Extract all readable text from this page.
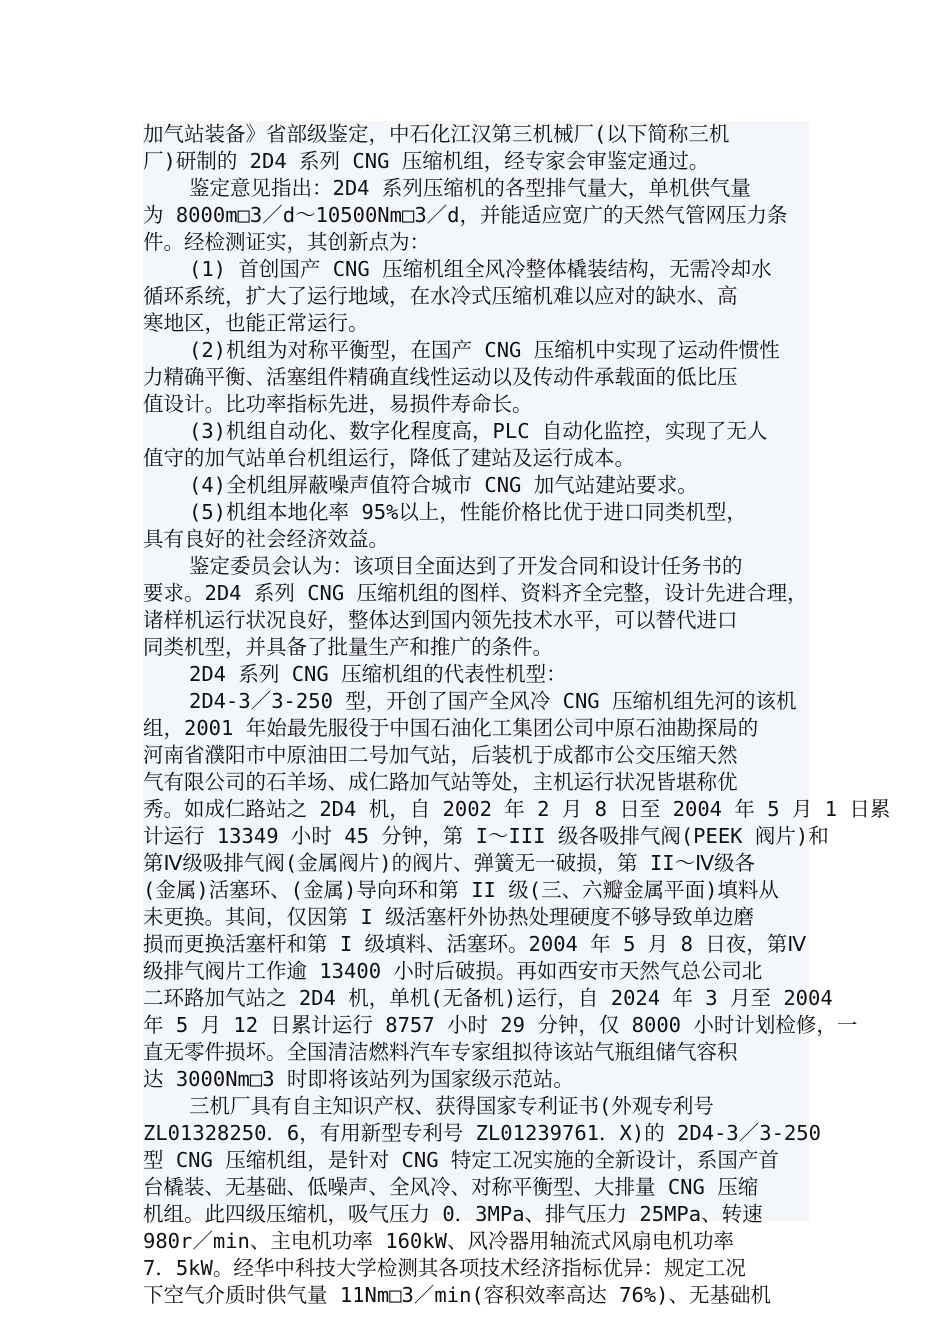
加气站装备》省部级鉴定，中石化江汉第三机械厂(以下简称三机
厂)研制的 2D4 系列 CNG 压缩机组，经专家会审鉴定通过。
鉴定意见指出：2D4 系列压缩机的各型排气量大，单机供气量
为 8000m□3／d～10500Nm□3／d，并能适应宽广的天然气管网压力条
件。经检测证实，其创新点为：
(1) 首创国产 CNG 压缩机组全风冷整体橇装结构，无需冷却水
循环系统，扩大了运行地域，在水冷式压缩机难以应对的缺水、高
寒地区，也能正常运行。
(2)机组为对称平衡型，在国产 CNG 压缩机中实现了运动件惯性
力精确平衡、活塞组件精确直线性运动以及传动件承载面的低比压
值设计。比功率指标先进，易损件寿命长。
(3)机组自动化、数字化程度高，PLC 自动化监控，实现了无人
值守的加气站单台机组运行，降低了建站及运行成本。
(4)全机组屏蔽噪声值符合城市 CNG 加气站建站要求。
(5)机组本地化率 95%以上，性能价格比优于进口同类机型，
具有良好的社会经济效益。
鉴定委员会认为：该项目全面达到了开发合同和设计任务书的
要求。2D4 系列 CNG 压缩机组的图样、资料齐全完整，设计先进合理，
诸样机运行状况良好，整体达到国内领先技术水平，可以替代进口
同类机型，并具备了批量生产和推广的条件。
2D4 系列 CNG 压缩机组的代表性机型：
2D4-3／3-250 型，开创了国产全风冷 CNG 压缩机组先河的该机
组，2001 年始最先服役于中国石油化工集团公司中原石油勘探局的
河南省濮阳市中原油田二号加气站，后装机于成都市公交压缩天然
气有限公司的石羊场、成仁路加气站等处，主机运行状况皆堪称优
秀。如成仁路站之 2D4 机，自 2002 年 2 月 8 日至 2004 年 5 月 1 日累
计运行 13349 小时 45 分钟，第 I～III 级各吸排气阀(PEEK 阀片)和
第Ⅳ级吸排气阀(金属阀片)的阀片、弹簧无一破损，第 II～Ⅳ级各
(金属)活塞环、(金属)导向环和第 II 级(三、六瓣金属平面)填料从
未更换。其间，仅因第 I 级活塞杆外协热处理硬度不够导致单边磨
损而更换活塞杆和第 I 级填料、活塞环。2004 年 5 月 8 日夜，第Ⅳ
级排气阀片工作逾 13400 小时后破损。再如西安市天然气总公司北
二环路加气站之 2D4 机，单机(无备机)运行，自 2024 年 3 月至 2004
年 5 月 12 日累计运行 8757 小时 29 分钟，仅 8000 小时计划检修，一
直无零件损坏。全国清洁燃料汽车专家组拟待该站气瓶组储气容积
达 3000Nm□3 时即将该站列为国家级示范站。
三机厂具有自主知识产权、获得国家专利证书(外观专利号
ZL01328250．6，有用新型专利号 ZL01239761．X)的 2D4-3／3-250
型 CNG 压缩机组，是针对 CNG 特定工况实施的全新设计，系国产首
台橇装、无基础、低噪声、全风冷、对称平衡型、大排量 CNG 压缩
机组。此四级压缩机，吸气压力 0．3MPa、排气压力 25MPa、转速
980r／min、主电机功率 160kW、风冷器用轴流式风扇电机功率
7．5kW。经华中科技大学检测其各项技术经济指标优异：规定工况
下空气介质时供气量 11Nm□3／min(容积效率高达 76%)、无基础机
